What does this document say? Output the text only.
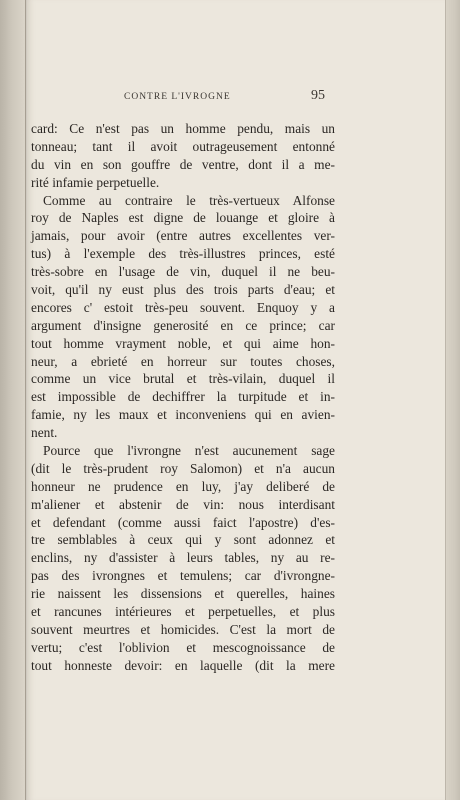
CONTRE L'IVROGNE	95
card: Ce n'est pas un homme pendu, mais un
tonneau; tant il avoit outrageusement entonné
du vin en son gouffre de ventre, dont il a me-
rité infamie perpetuelle.
Comme au contraire le très-vertueux Alfonse
roy de Naples est digne de louange et gloire à
jamais, pour avoir (entre autres excellentes ver-
tus) à l'exemple des très-illustres princes, esté
très-sobre en l'usage de vin, duquel il ne beu-
voit, qu'il ny eust plus des trois parts d'eau; et
encores c' estoit très-peu souvent. Enquoy y a
argument d'insigne generosité en ce prince; car
tout homme vrayment noble, et qui aime hon-
neur, a ebrieté en horreur sur toutes choses,
comme un vice brutal et très-vilain, duquel il
est impossible de dechiffrer la turpitude et in-
famie, ny les maux et inconveniens qui en avien-
nent.
Pource que l'ivrongne n'est aucunement sage
(dit le très-prudent roy Salomon) et n'a aucun
honneur ne prudence en luy, j'ay deliberé de
m'aliener et abstenir de vin: nous interdisant
et defendant (comme aussi faict l'apostre) d'es-
tre semblables à ceux qui y sont adonnez et
enclins, ny d'assister à leurs tables, ny au re-
pas des ivrongnes et temulens; car d'ivrongne-
rie naissent les dissensions et querelles, haines
et rancunes intérieures et perpetuelles, et plus
souvent meurtres et homicides. C'est la mort de
vertu; c'est l'oblivion et mescognoissance de
tout honneste devoir: en laquelle (dit la mere
